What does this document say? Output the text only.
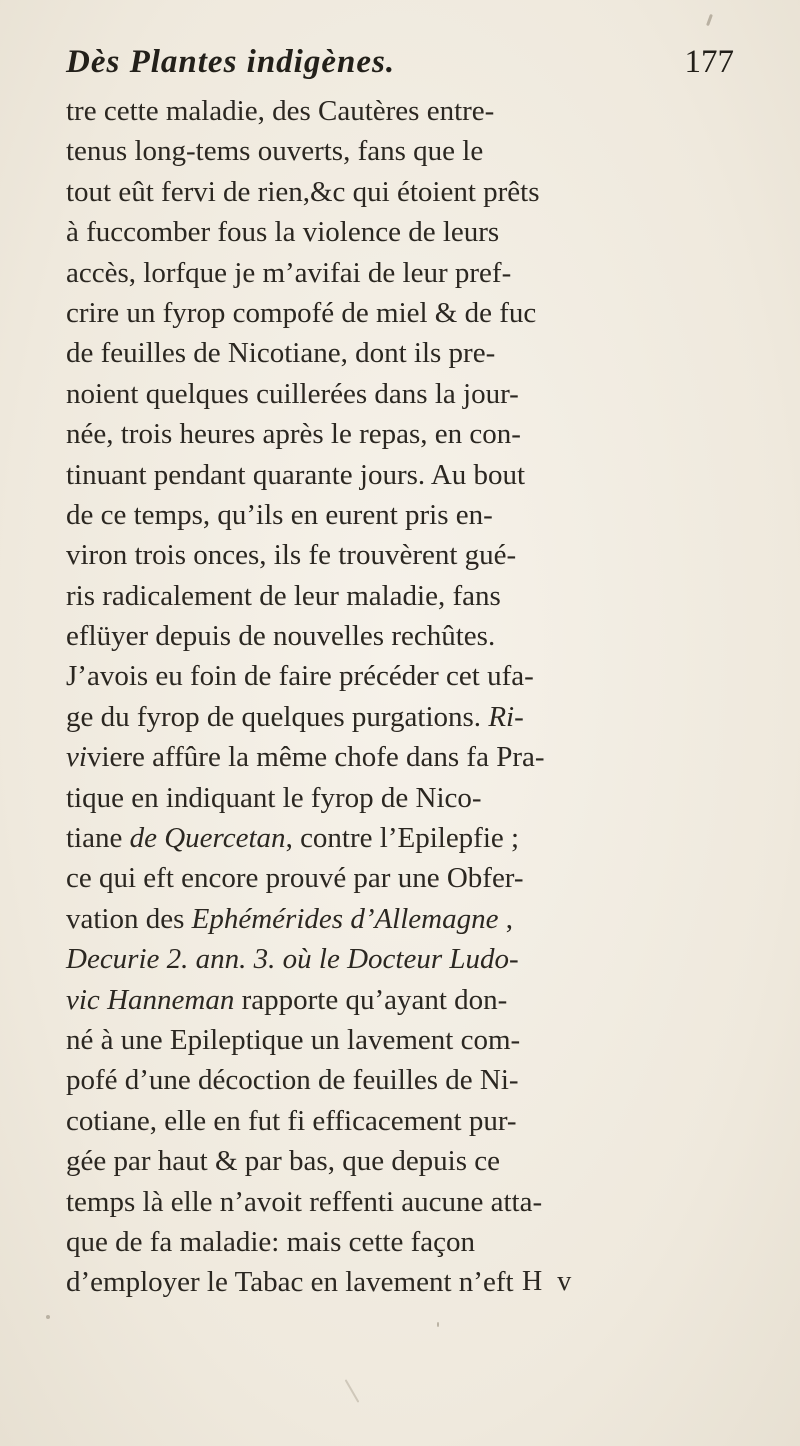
Dès Plantes indigènes.	177
tre cette maladie, des Cautères entre-
tenus long-tems ouverts, fans que le
tout eût fervi de rien,&c qui étoient prêts
à fuccomber fous la violence de leurs
accès, lorfque je m’avifai de leur pref-
crire un fyrop compofé de miel & de fuc
de feuilles de Nicotiane, dont ils pre-
noient quelques cuillerées dans la jour-
née, trois heures après le repas, en con-
tinuant pendant quarante jours. Au bout
de ce temps, qu’ils en eurent pris en-
viron trois onces, ils fe trouvèrent gué-
ris radicalement de leur maladie, fans
eflüyer depuis de nouvelles rechûtes.
J’avois eu foin de faire précéder cet ufa-
ge du fyrop de quelques purgations. Ri-
viviere affûre la même chofe dans fa Pra-
tique en indiquant le fyrop de Nico-
tiane de Quercetan, contre l’Epilepfie ;
ce qui eft encore prouvé par une Obfer-
vation des Ephémérides d’Allemagne ,
Decurie 2. ann. 3. où le Docteur Ludo-
vic Hanneman rapporte qu’ayant don-
né à une Epileptique un lavement com-
pofé d’une décoction de feuilles de Ni-
cotiane, elle en fut fi efficacement pur-
gée par haut & par bas, que depuis ce
temps là elle n’avoit reffenti aucune atta-
que de fa maladie: mais cette façon
d’employer le Tabac en lavement n’eft H v
